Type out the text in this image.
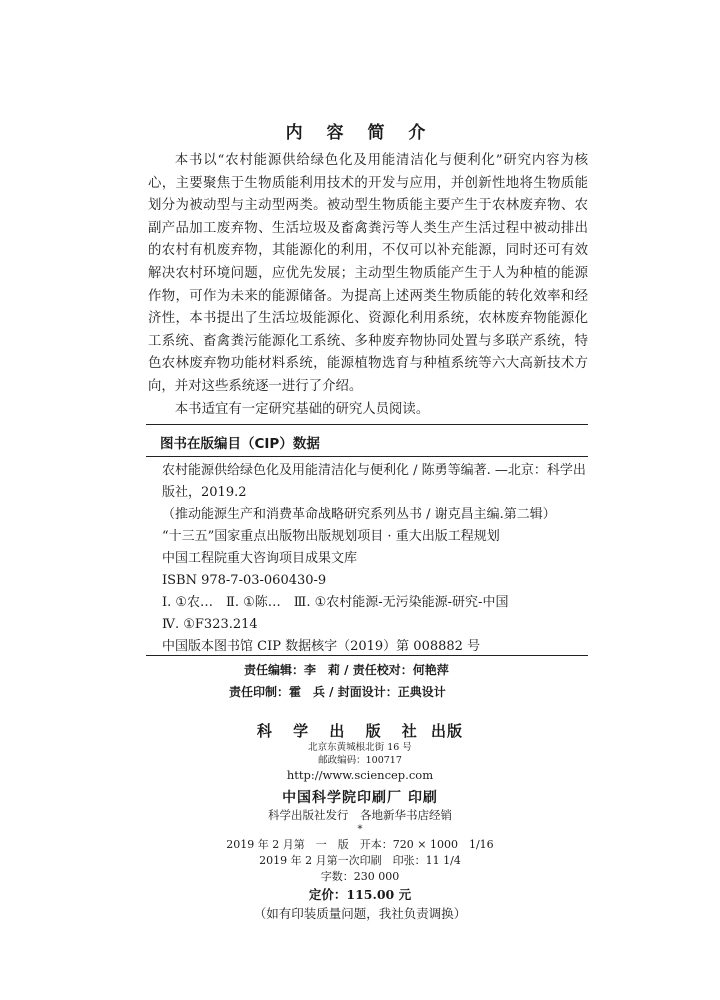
内 容 简 介

本书以“农村能源供给绿色化及用能清洁化与便利化”研究内容为核心，主要聚焦于生物质能利用技术的开发与应用，并创新性地将生物质能划分为被动型与主动型两类。被动型生物质能主要产生于农林废弃物、农副产品加工废弃物、生活垃圾及畜禽粪污等人类生产生活过程中被动排出的农村有机废弃物，其能源化的利用，不仅可以补充能源，同时还可有效解决农村环境问题，应优先发展；主动型生物质能产生于人为种植的能源作物，可作为未来的能源储备。为提高上述两类生物质能的转化效率和经济性，本书提出了生活垃圾能源化、资源化利用系统，农林废弃物能源化工系统、畜禽粪污能源化工系统、多种废弃物协同处置与多联产系统，特色农林废弃物功能材料系统，能源植物选育与种植系统等六大高新技术方向，并对这些系统逐一进行了介绍。

本书适宜有一定研究基础的研究人员阅读。

图书在版编目（CIP）数据

农村能源供给绿色化及用能清洁化与便利化 / 陈勇等编著. —北京：科学出版社，2019.2

（推动能源生产和消费革命战略研究系列丛书 / 谢克昌主编.第二辑）

“十三五”国家重点出版物出版规划项目 · 重大出版工程规划

中国工程院重大咨询项目成果文库

ISBN 978-7-03-060430-9

Ⅰ. ①农…　Ⅱ. ①陈…　Ⅲ. ①农村能源-无污染能源-研究-中国

Ⅳ. ①F323.214

中国版本图书馆 CIP 数据核字（2019）第 008882 号

责任编辑：李　莉 / 责任校对：何艳萍
责任印制：霍　兵 / 封面设计：正典设计
科 学 出 版 社 出版
北京东黄城根北街 16 号
邮政编码：100717
http://www.sciencep.com
中国科学院印刷厂 印刷
科学出版社发行　各地新华书店经销
*
2019 年 2 月第　一　版　开本：720 × 1000　1/16
2019 年 2 月第一次印刷　印张：11 1/4
字数：230 000
定价：115.00 元
（如有印装质量问题，我社负责调换）
